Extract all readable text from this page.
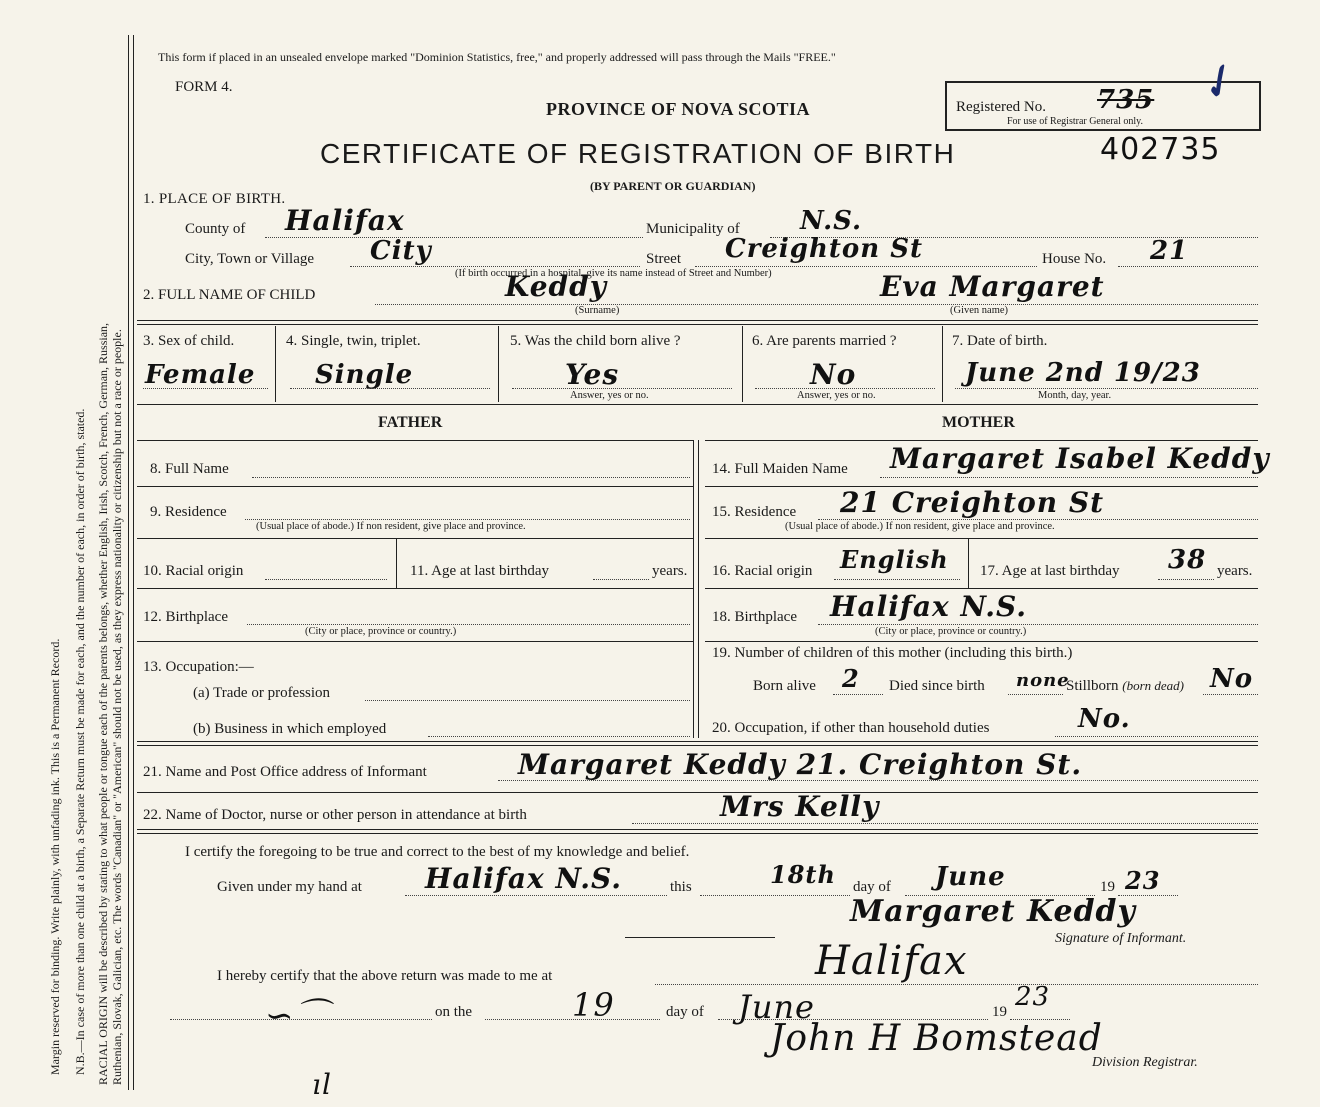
Margin reserved for binding. Write plainly, with unfading ink. This is a Permanent Record. N.B.—In case of more than one child at a birth, a Separate Return must be made for each, and the number of each, in order of birth, stated. RACIAL ORIGIN will be described by stating to what people or tongue each of the parents belongs, whether English, Irish, Scotch, French, German, Russian, Ruthenian, Slovak, Galician, etc. The words "Canadian" or "American" should not be used, as they express nationality or citizenship but not a race or people.
This form if placed in an unsealed envelope marked "Dominion Statistics, free," and properly addressed will pass through the Mails "FREE."
FORM 4.
PROVINCE OF NOVA SCOTIA	Registered No. 735
For use of Registrar General only.
✓
CERTIFICATE OF REGISTRATION OF BIRTH	402735
(BY PARENT OR GUARDIAN)
1. PLACE OF BIRTH.
County of Halifax	Municipality of N.S.
City, Town or Village City	Street Creighton St
(If birth occurred in a hospital, give its name instead of Street and Number)
House No. 21
2. FULL NAME OF CHILD	Keddy
(Surname)
Eva Margaret
(Given name)
3. Sex of child.
Female
4. Single, twin, triplet.
Single
5. Was the child born alive ?
Yes
Answer, yes or no.
6. Are parents married ?
No
Answer, yes or no.
7. Date of birth.
June 2nd 19/23
Month, day, year.
FATHER	MOTHER
8. Full Name
9. Residence
(Usual place of abode.) If non resident, give place and province.
10. Racial origin	11. Age at last birthday	years.
12. Birthplace
(City or place, province or country.)
13. Occupation:—
(a) Trade or profession
(b) Business in which employed
14. Full Maiden Name Margaret Isabel Keddy
15. Residence 21 Creighton St
(Usual place of abode.) If non resident, give place and province.
16. Racial origin English 17. Age at last birthday 38 years.
18. Birthplace Halifax N.S.
(City or place, province or country.)
19. Number of children of this mother (including this birth.)
Born alive 2 Died since birth none
Stillborn (born dead) No
20. Occupation, if other than household duties	No.
21. Name and Post Office address of Informant	Margaret Keddy 21. Creighton St.
22. Name of Doctor, nurse or other person in attendance at birth	Mrs Kelly
I certify the foregoing to be true and correct to the best of my knowledge and belief.
Given under my hand at Halifax N.S.	this	18th day of June	19 23
Margaret Keddy
Signature of Informant.
I hereby certify that the above return was made to me at	Halifax
∽⌒	on the	19	day of June	19 23
John H Bomstead
Division Registrar.
ıl
